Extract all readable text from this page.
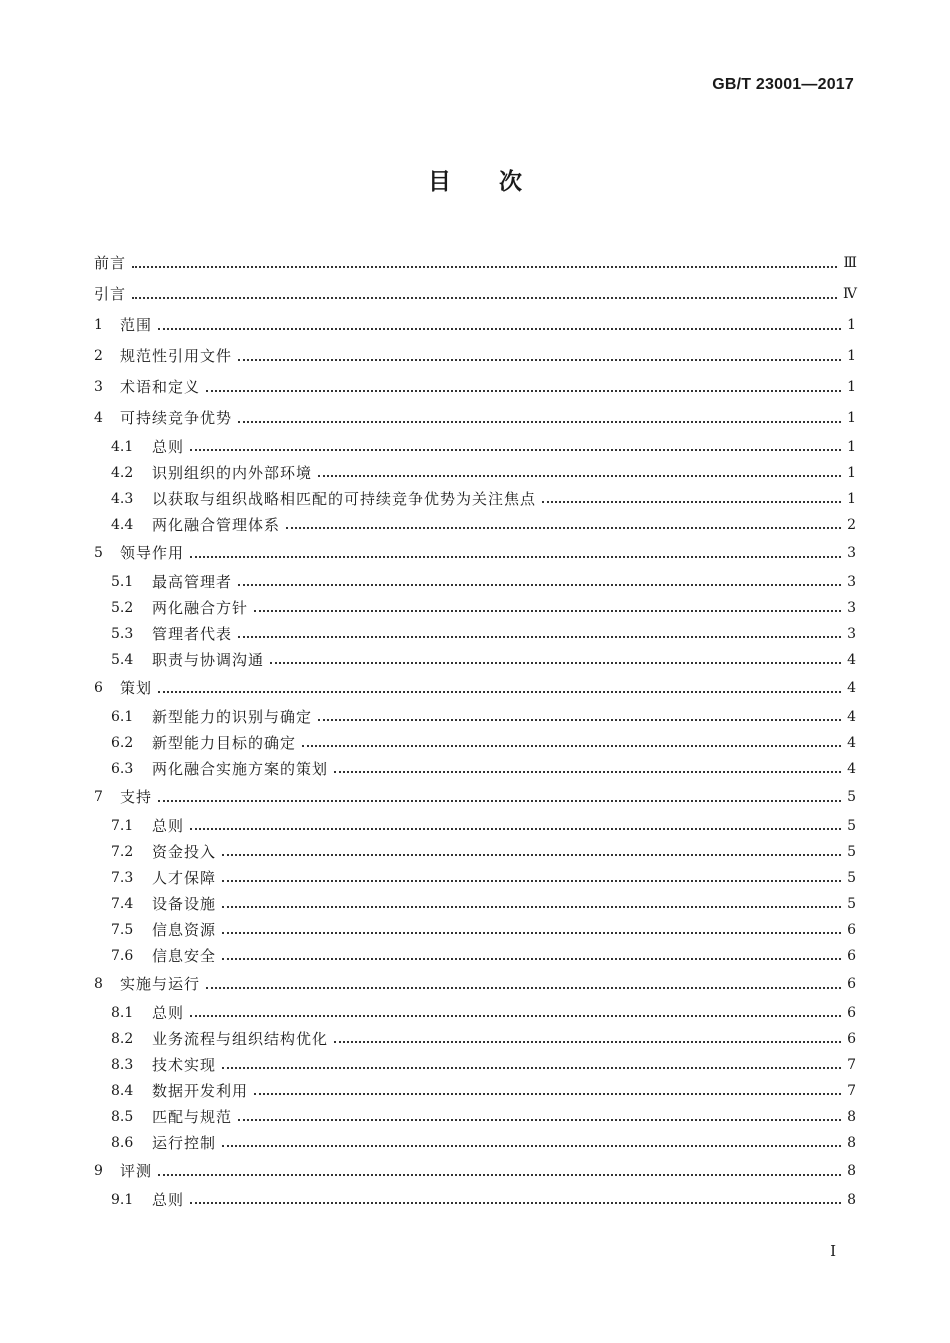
GB/T 23001—2017
目次
前言	Ⅲ
引言	Ⅳ
1	范围	1
2	规范性引用文件	1
3	术语和定义	1
4	可持续竞争优势	1
4.1	总则	1
4.2	识别组织的内外部环境	1
4.3	以获取与组织战略相匹配的可持续竞争优势为关注焦点	1
4.4	两化融合管理体系	2
5	领导作用	3
5.1	最高管理者	3
5.2	两化融合方针	3
5.3	管理者代表	3
5.4	职责与协调沟通	4
6	策划	4
6.1	新型能力的识别与确定	4
6.2	新型能力目标的确定	4
6.3	两化融合实施方案的策划	4
7	支持	5
7.1	总则	5
7.2	资金投入	5
7.3	人才保障	5
7.4	设备设施	5
7.5	信息资源	6
7.6	信息安全	6
8	实施与运行	6
8.1	总则	6
8.2	业务流程与组织结构优化	6
8.3	技术实现	7
8.4	数据开发利用	7
8.5	匹配与规范	8
8.6	运行控制	8
9	评测	8
9.1	总则	8
I
